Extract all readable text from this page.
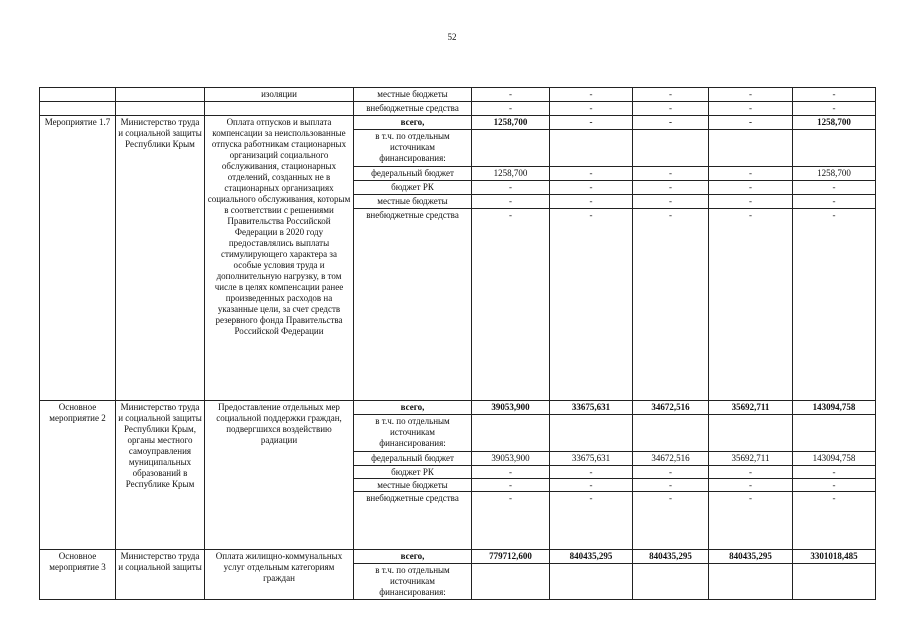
52
		изоляции	местные бюджеты	-	-	-	-	-
			внебюджетные средства	-	-	-	-	-
Мероприятие 1.7	Министерство труда и социальной защиты Республики Крым	Оплата отпусков и выплата компенсации за неиспользованные отпуска работникам стационарных организаций социального обслуживания, стационарных отделений, созданных не в стационарных организациях социального обслуживания, которым в соответствии с решениями Правительства Российской Федерации в 2020 году предоставлялись выплаты стимулирующего характера за особые условия труда и дополнительную нагрузку, в том числе в целях компенсации ранее произведенных расходов на указанные цели, за счет средств резервного фонда Правительства Российской Федерации	всего,	1258,700	-	-	-	1258,700
			в т.ч. по отдельным источникам финансирования:					
			федеральный бюджет	1258,700	-	-	-	1258,700
			бюджет РК	-	-	-	-	-
			местные бюджеты	-	-	-	-	-
			внебюджетные средства	-	-	-	-	-
Основное мероприятие 2	Министерство труда и социальной защиты Республики Крым, органы местного самоуправления муниципальных образований в Республике Крым	Предоставление отдельных мер социальной поддержки граждан, подвергшихся воздействию радиации	всего,	39053,900	33675,631	34672,516	35692,711	143094,758
			в т.ч. по отдельным источникам финансирования:					
			федеральный бюджет	39053,900	33675,631	34672,516	35692,711	143094,758
			бюджет РК	-	-	-	-	-
			местные бюджеты	-	-	-	-	-
			внебюджетные средства	-	-	-	-	-
Основное мероприятие 3	Министерство труда и социальной защиты	Оплата жилищно-коммунальных услуг отдельным категориям граждан	всего,	779712,600	840435,295	840435,295	840435,295	3301018,485
			в т.ч. по отдельным источникам финансирования:					
